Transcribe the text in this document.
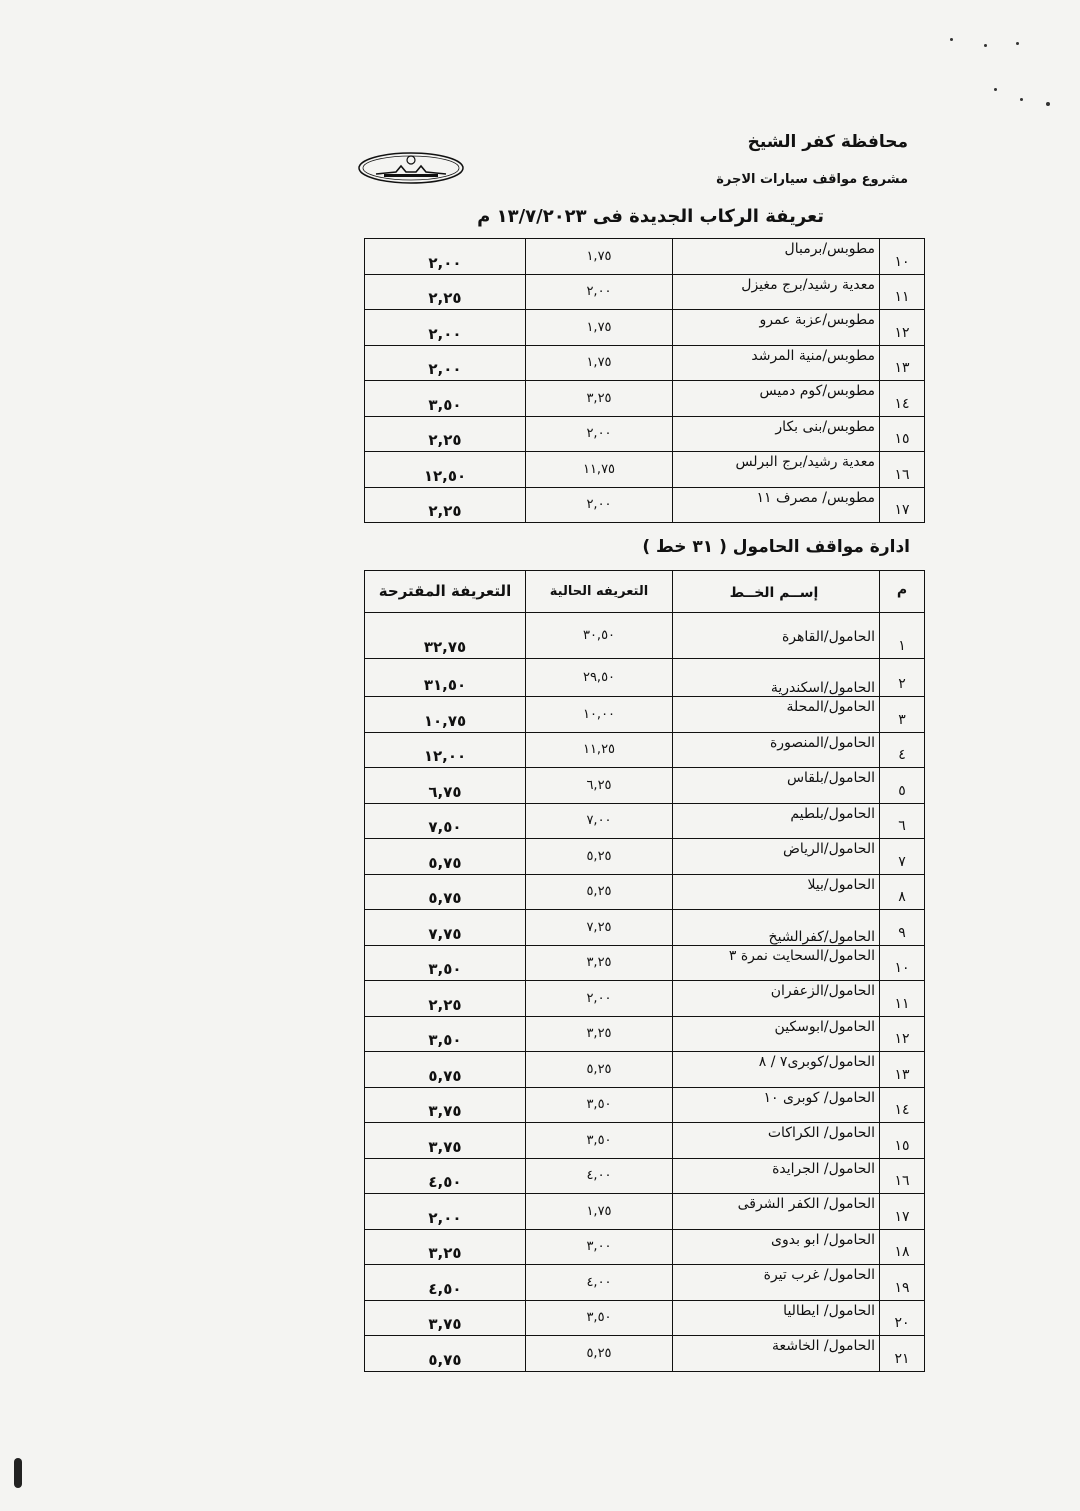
محافظة كفر الشيخ
مشروع مواقف سيارات الاجرة
تعريفة الركاب الجديدة فى ١٣/٧/٢٠٢٣ م
١٠	مطوبس/برمبال	١,٧٥	٢,٠٠
١١	معدية رشيد/برج مغيزل	٢,٠٠	٢,٢٥
١٢	مطوبس/عزبة عمرو	١,٧٥	٢,٠٠
١٣	مطوبس/منية المرشد	١,٧٥	٢,٠٠
١٤	مطوبس/كوم دميس	٣,٢٥	٣,٥٠
١٥	مطوبس/بنى بكار	٢,٠٠	٢,٢٥
١٦	معدية رشيد/برج البرلس	١١,٧٥	١٢,٥٠
١٧	مطوبس/ مصرف ١١	٢,٠٠	٢,٢٥
ادارة مواقف الحامول ( ٣١ خط )
م	إســم الخــط	التعريفه الحالية	التعريفة المقترحة
١	الحامول/القاهرة	٣٠,٥٠	٣٢,٧٥
٢	الحامول/اسكندرية	٢٩,٥٠	٣١,٥٠
٣	الحامول/المحلة	١٠,٠٠	١٠,٧٥
٤	الحامول/المنصورة	١١,٢٥	١٢,٠٠
٥	الحامول/بلقاس	٦,٢٥	٦,٧٥
٦	الحامول/بلطيم	٧,٠٠	٧,٥٠
٧	الحامول/الرياض	٥,٢٥	٥,٧٥
٨	الحامول/بيلا	٥,٢٥	٥,٧٥
٩	الحامول/كفرالشيخ	٧,٢٥	٧,٧٥
١٠	الحامول/السحايت نمرة ٣	٣,٢٥	٣,٥٠
١١	الحامول/الزعفران	٢,٠٠	٢,٢٥
١٢	الحامول/ابوسكين	٣,٢٥	٣,٥٠
١٣	الحامول/كوبرى٧ / ٨	٥,٢٥	٥,٧٥
١٤	الحامول/ كوبرى ١٠	٣,٥٠	٣,٧٥
١٥	الحامول/ الكراكات	٣,٥٠	٣,٧٥
١٦	الحامول/ الجرايدة	٤,٠٠	٤,٥٠
١٧	الحامول/ الكفر الشرقى	١,٧٥	٢,٠٠
١٨	الحامول/ ابو بدوى	٣,٠٠	٣,٢٥
١٩	الحامول/ غرب تيرة	٤,٠٠	٤,٥٠
٢٠	الحامول/ ايطاليا	٣,٥٠	٣,٧٥
٢١	الحامول/ الخاشعة	٥,٢٥	٥,٧٥
